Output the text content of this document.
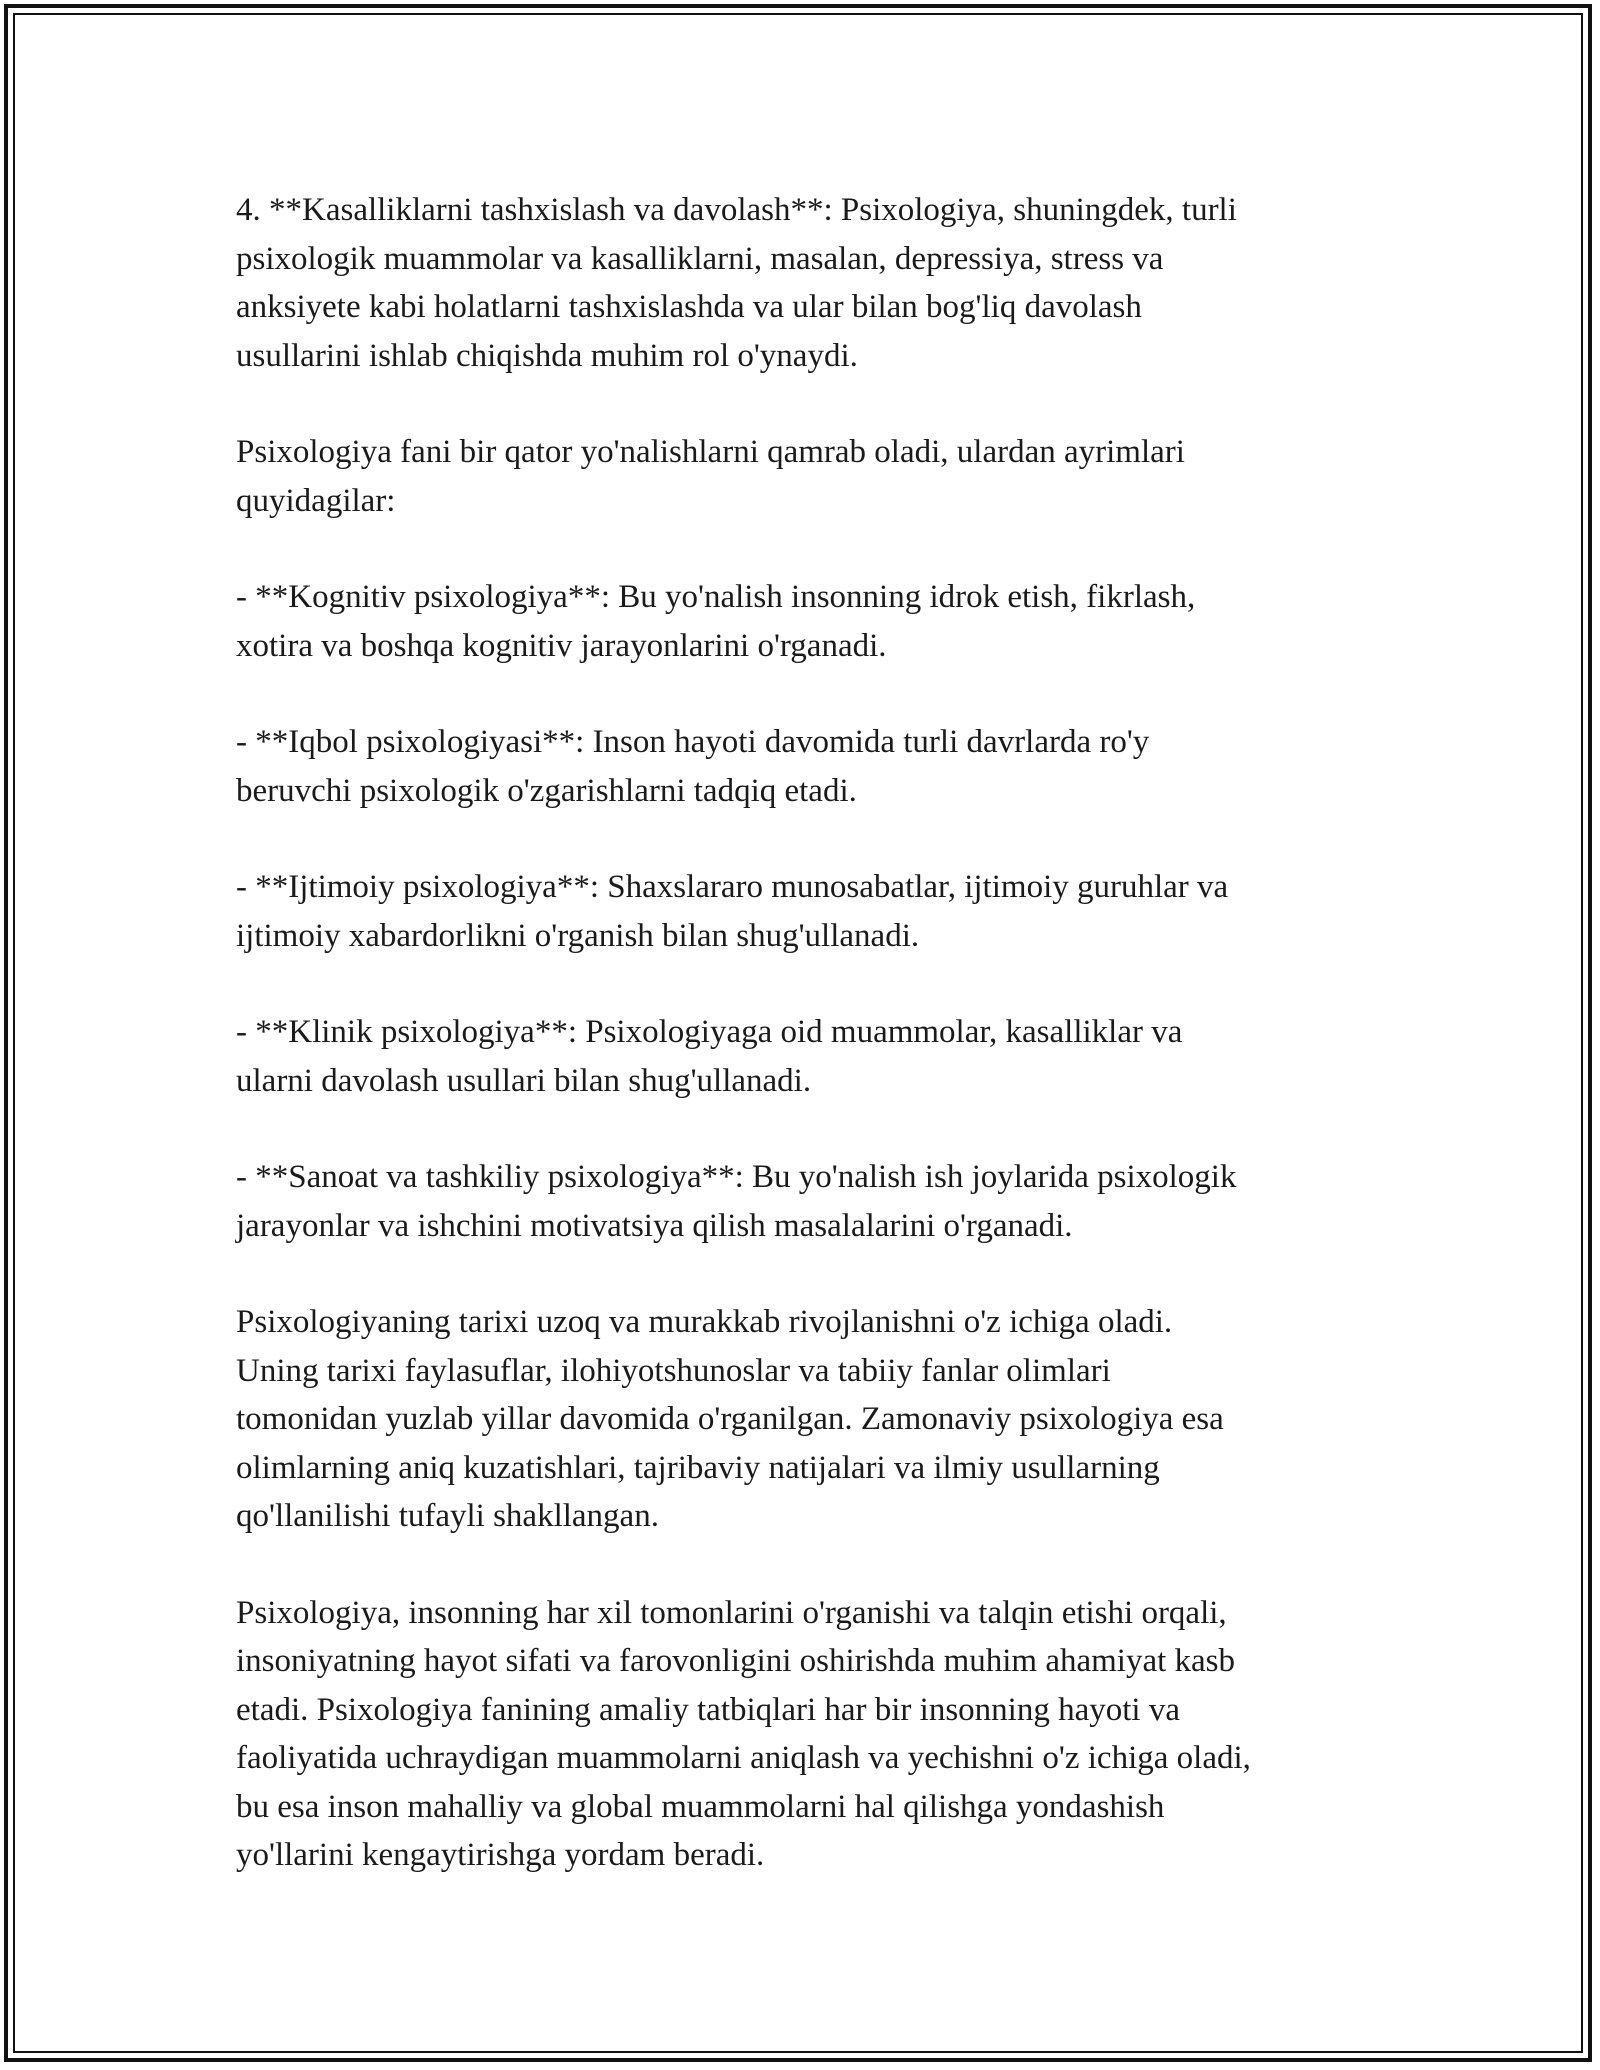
4. **Kasalliklarni tashxislash va davolash**: Psixologiya, shuningdek, turli
psixologik muammolar va kasalliklarni, masalan, depressiya, stress va
anksiyete kabi holatlarni tashxislashda va ular bilan bog'liq davolash
usullarini ishlab chiqishda muhim rol o'ynaydi.

Psixologiya fani bir qator yo'nalishlarni qamrab oladi, ulardan ayrimlari
quyidagilar:

- **Kognitiv psixologiya**: Bu yo'nalish insonning idrok etish, fikrlash,
xotira va boshqa kognitiv jarayonlarini o'rganadi.

- **Iqbol psixologiyasi**: Inson hayoti davomida turli davrlarda ro'y
beruvchi psixologik o'zgarishlarni tadqiq etadi.

- **Ijtimoiy psixologiya**: Shaxslararo munosabatlar, ijtimoiy guruhlar va
ijtimoiy xabardorlikni o'rganish bilan shug'ullanadi.

- **Klinik psixologiya**: Psixologiyaga oid muammolar, kasalliklar va
ularni davolash usullari bilan shug'ullanadi.

- **Sanoat va tashkiliy psixologiya**: Bu yo'nalish ish joylarida psixologik
jarayonlar va ishchini motivatsiya qilish masalalarini o'rganadi.

Psixologiyaning tarixi uzoq va murakkab rivojlanishni o'z ichiga oladi.
Uning tarixi faylasuflar, ilohiyotshunoslar va tabiiy fanlar olimlari
tomonidan yuzlab yillar davomida o'rganilgan. Zamonaviy psixologiya esa
olimlarning aniq kuzatishlari, tajribaviy natijalari va ilmiy usullarning
qo'llanilishi tufayli shakllangan.

Psixologiya, insonning har xil tomonlarini o'rganishi va talqin etishi orqali,
insoniyatning hayot sifati va farovonligini oshirishda muhim ahamiyat kasb
etadi. Psixologiya fanining amaliy tatbiqlari har bir insonning hayoti va
faoliyatida uchraydigan muammolarni aniqlash va yechishni o'z ichiga oladi,
bu esa inson mahalliy va global muammolarni hal qilishga yondashish
yo'llarini kengaytirishga yordam beradi.
